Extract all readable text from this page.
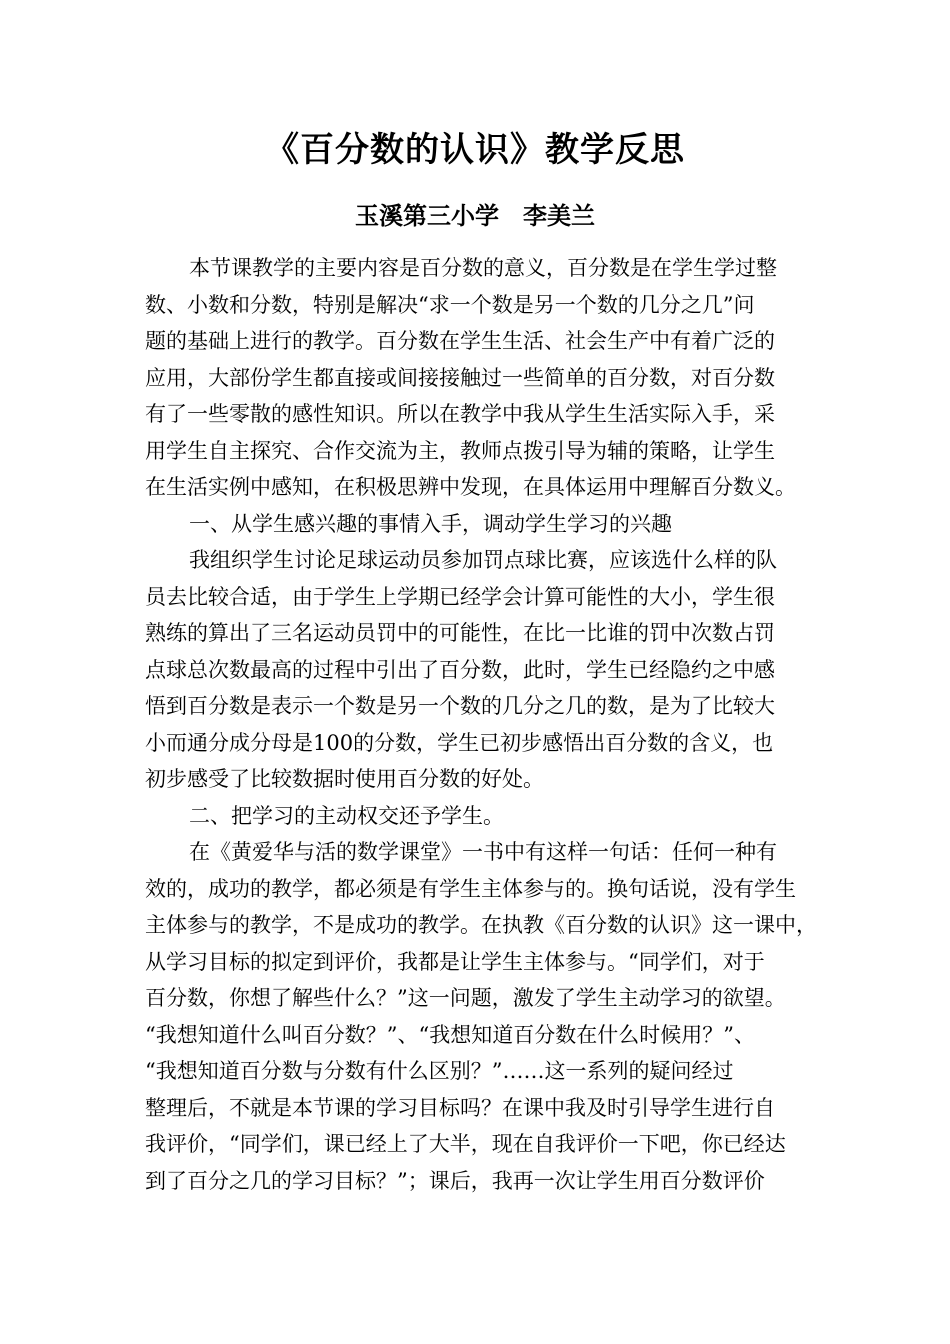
《百分数的认识》教学反思
玉溪第三小学　李美兰
本节课教学的主要内容是百分数的意义，百分数是在学生学过整
数、小数和分数，特别是解决“求一个数是另一个数的几分之几”问
题的基础上进行的教学。百分数在学生生活、社会生产中有着广泛的
应用，大部份学生都直接或间接接触过一些简单的百分数，对百分数
有了一些零散的感性知识。所以在教学中我从学生生活实际入手，采
用学生自主探究、合作交流为主，教师点拨引导为辅的策略，让学生
在生活实例中感知，在积极思辨中发现，在具体运用中理解百分数义。
一、从学生感兴趣的事情入手，调动学生学习的兴趣
我组织学生讨论足球运动员参加罚点球比赛，应该选什么样的队
员去比较合适，由于学生上学期已经学会计算可能性的大小，学生很
熟练的算出了三名运动员罚中的可能性，在比一比谁的罚中次数占罚
点球总次数最高的过程中引出了百分数，此时，学生已经隐约之中感
悟到百分数是表示一个数是另一个数的几分之几的数，是为了比较大
小而通分成分母是100的分数，学生已初步感悟出百分数的含义，也
初步感受了比较数据时使用百分数的好处。
二、把学习的主动权交还予学生。
在《黄爱华与活的数学课堂》一书中有这样一句话：任何一种有
效的，成功的教学，都必须是有学生主体参与的。换句话说，没有学生
主体参与的教学，不是成功的教学。在执教《百分数的认识》这一课中，
从学习目标的拟定到评价，我都是让学生主体参与。“同学们，对于
百分数，你想了解些什么？”这一问题，激发了学生主动学习的欲望。
“我想知道什么叫百分数？”、“我想知道百分数在什么时候用？”、
“我想知道百分数与分数有什么区别？”……这一系列的疑问经过
整理后，不就是本节课的学习目标吗？在课中我及时引导学生进行自
我评价，“同学们，课已经上了大半，现在自我评价一下吧，你已经达
到了百分之几的学习目标？”；课后，我再一次让学生用百分数评价
